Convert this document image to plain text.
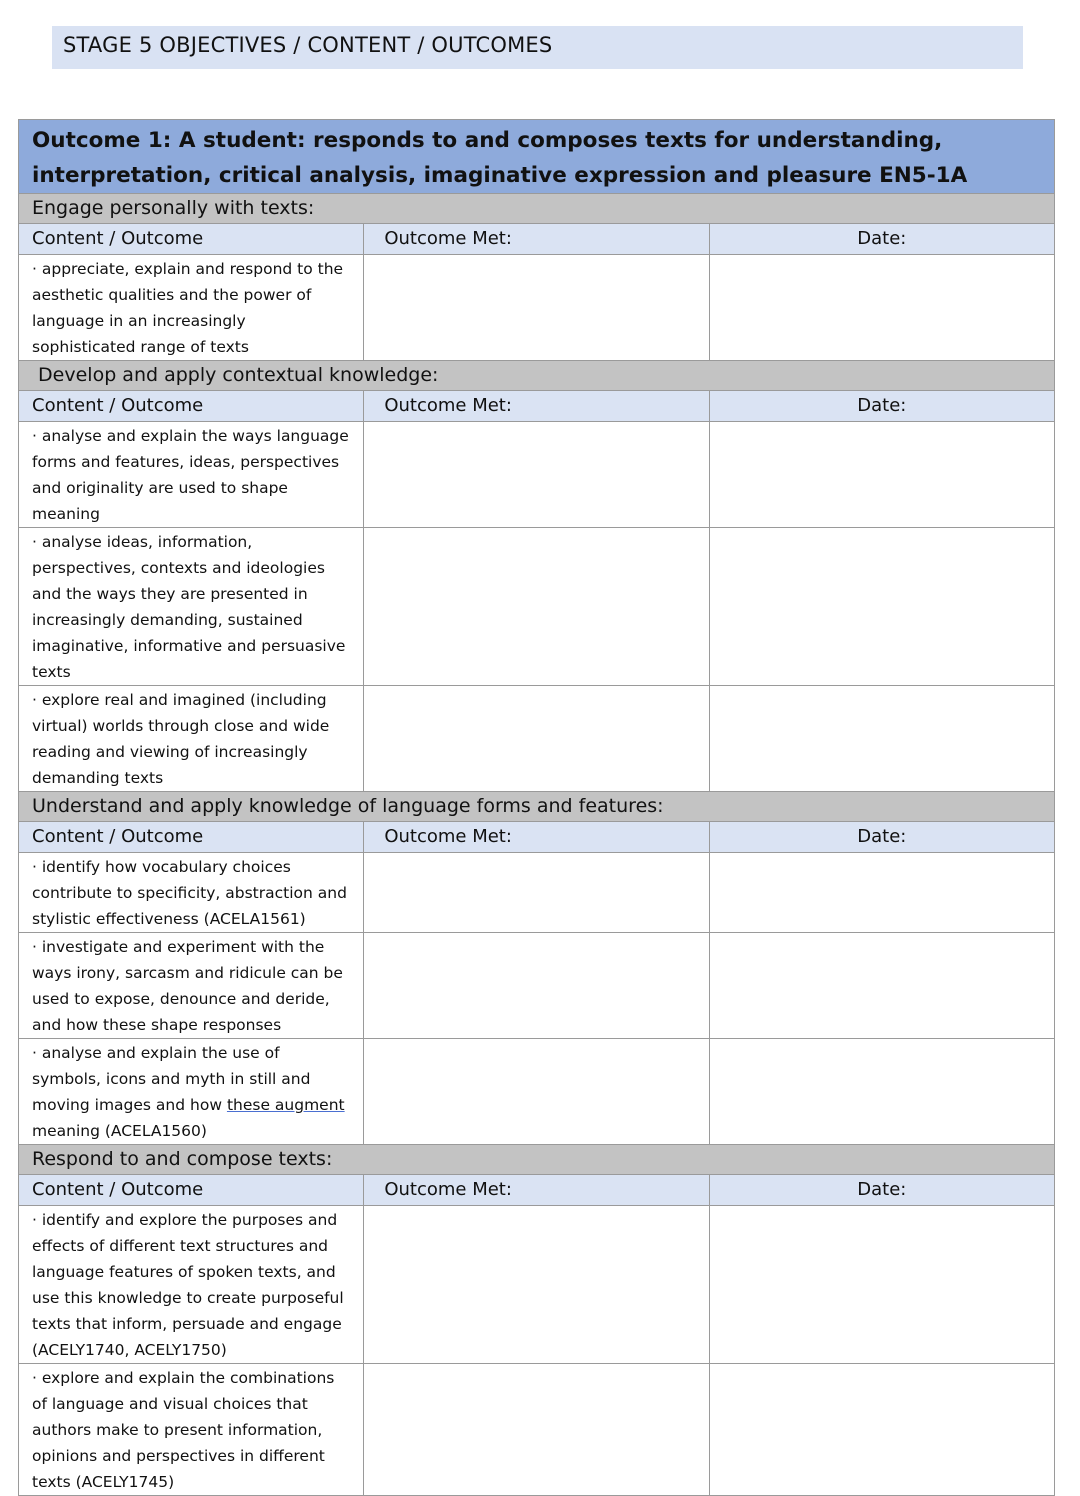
STAGE 5 OBJECTIVES / CONTENT / OUTCOMES
Outcome 1: A student: responds to and composes texts for understanding, interpretation, critical analysis, imaginative expression and pleasure EN5-1A		
Engage personally with texts:		
Content / Outcome	Outcome Met:	Date:
· appreciate, explain and respond to the aesthetic qualities and the power of language in an increasingly sophisticated range of texts		
Develop and apply contextual knowledge:		
Content / Outcome	Outcome Met:	Date:
· analyse and explain the ways language forms and features, ideas, perspectives and originality are used to shape meaning		
· analyse ideas, information, perspectives, contexts and ideologies and the ways they are presented in increasingly demanding, sustained imaginative, informative and persuasive texts		
· explore real and imagined (including virtual) worlds through close and wide reading and viewing of increasingly demanding texts		
Understand and apply knowledge of language forms and features:		
Content / Outcome	Outcome Met:	Date:
· identify how vocabulary choices contribute to specificity, abstraction and stylistic effectiveness (ACELA1561)		
· investigate and experiment with the ways irony, sarcasm and ridicule can be used to expose, denounce and deride, and how these shape responses		
· analyse and explain the use of symbols, icons and myth in still and moving images and how these augment meaning (ACELA1560)		
Respond to and compose texts:		
Content / Outcome	Outcome Met:	Date:
· identify and explore the purposes and effects of different text structures and language features of spoken texts, and use this knowledge to create purposeful texts that inform, persuade and engage (ACELY1740, ACELY1750)		
· explore and explain the combinations of language and visual choices that authors make to present information, opinions and perspectives in different texts (ACELY1745)		
